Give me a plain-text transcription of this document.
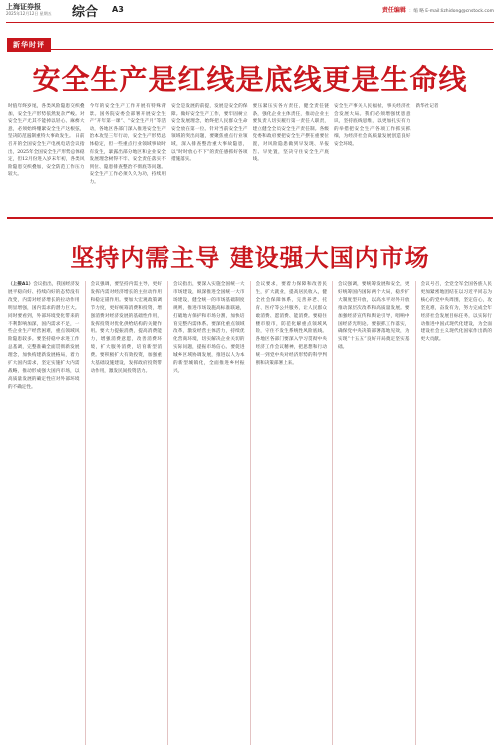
上海证券报
2025年12月12日 星期五	综合 A3	责任编辑 ：缩 略 E-mail:lizhidong@cnstock.com
新华时评
安全生产是红线是底线更是生命线
时值年终岁尾，各类风险隐患交织叠加，安全生产形势依然复杂严峻。对安全生产尤其不能掉以轻心、麻痹大意，必须始终绷紧安全生产这根弦，坚决防范遏制重特大事故发生。 日前召开的全国安全生产电视电话会议指出，2025年全国安全生产形势总体稳定，但12月份进入岁末年初，各类风险隐患交织叠加，安全防范工作压力较大。
今年的安全生产工作开展有特殊背景。国务院安委会部署开展安全生产“开年第一课”、“安全生产月”等活动，各地区各部门深入推进安全生产治本攻坚三年行动，安全生产形势总体稳定，但一些重点行业领域事故时有发生，暴露出部分地区和企业安全发展理念树得不牢、安全责任落实不到位、隐患排查整治不彻底等问题。安全生产工作必须久久为功，持续用力。
安全是发展的前提，发展是安全的保障。做好安全生产工作，要牢固树立安全发展理念，始终把人民群众生命安全放在第一位。针对当前安全生产领域的突出问题，要聚焦重点行业领域，深入排查整治重大事故隐患，以“时时放心不下”的责任感抓好各项措施落实。
要压紧压实各方责任，健全责任链条，强化企业主体责任，推动企业主要负责人切实履行第一责任人职责，建立健全全员安全生产责任制。各级党委和政府要把安全生产摆在重要位置，对风险隐患做到早发现、早报告、早处置，坚决守住安全生产底线。
安全生产事关人民福祉，事关经济社会发展大局。我们必须增强忧患意识，坚持底线思维，以更加扎实有力的举措把安全生产各项工作抓实抓细，为经济社会高质量发展创造良好安全环境。
新华社记者
坚持内需主导 建设强大国内市场
（上接A1）会议指出，我国经济发展平稳向好、持续向好的态势没有改变，内需对经济增长的拉动作用明显增强，国内需求的潜力巨大。同时要看到，外部环境变化带来的不利影响加深，国内需求不足，一些企业生产经营困难，重点领域风险隐患较多。要坚持稳中求进工作总基调，完整准确全面贯彻新发展理念，加快构建新发展格局，着力扩大国内需求，坚定实施扩大内需战略，推动形成强大国内市场，以高质量发展的确定性应对外部环境的不确定性。
会议强调，要坚持内需主导，更好发挥内需对经济增长的主拉动作用和稳定锚作用。要加大宏观政策调节力度，更好统筹消费和投资，增强消费对经济发展的基础性作用，发挥投资对优化供给结构的关键作用。要大力提振消费，提高消费能力，增强消费意愿，改善消费环境，扩大服务消费，培育新型消费。要积极扩大有效投资，加强重大基础设施建设，发挥政府投资带动作用，激发民间投资活力。
会议指出，要深入实施全国统一大市场建设，纵深推进全国统一大市场建设，健全统一的市场基础制度规则，推进市场设施高标准联通，打破地方保护和市场分割，加快培育完整内需体系。要深化重点领域改革，激发经营主体活力，持续优化营商环境，切实解决企业关切的实际问题，提振市场信心。要促进城乡区域协调发展，推进以人为本的新型城镇化，全面推进乡村振兴。
会议要求，要着力保障和改善民生，扩大就业，提高居民收入，健全社会保障体系，完善养老、托育、医疗等公共服务，让人民群众敢消费、愿消费、能消费。要稳住楼市股市，防范化解重点领域风险，守住不发生系统性风险底线。各地区各部门要深入学习贯彻中央经济工作会议精神，把思想和行动统一到党中央对经济形势的科学判断和决策部署上来。
会议强调，要统筹发展和安全，更好统筹国内国际两个大局，稳步扩大制度型开放，以高水平对外开放推动深层次改革和高质量发展。要加强经济宣传和舆论引导，唱响中国经济光明论。要狠抓工作落实，确保党中央决策部署落地见效，为实现“十五五”良好开局奠定坚实基础。
会议号召，全党全军全国各族人民更加紧密地团结在以习近平同志为核心的党中央周围，坚定信心，攻坚克难，奋发有为，努力完成全年经济社会发展目标任务，以实际行动推进中国式现代化建设，为全面建设社会主义现代化国家作出新的更大贡献。
